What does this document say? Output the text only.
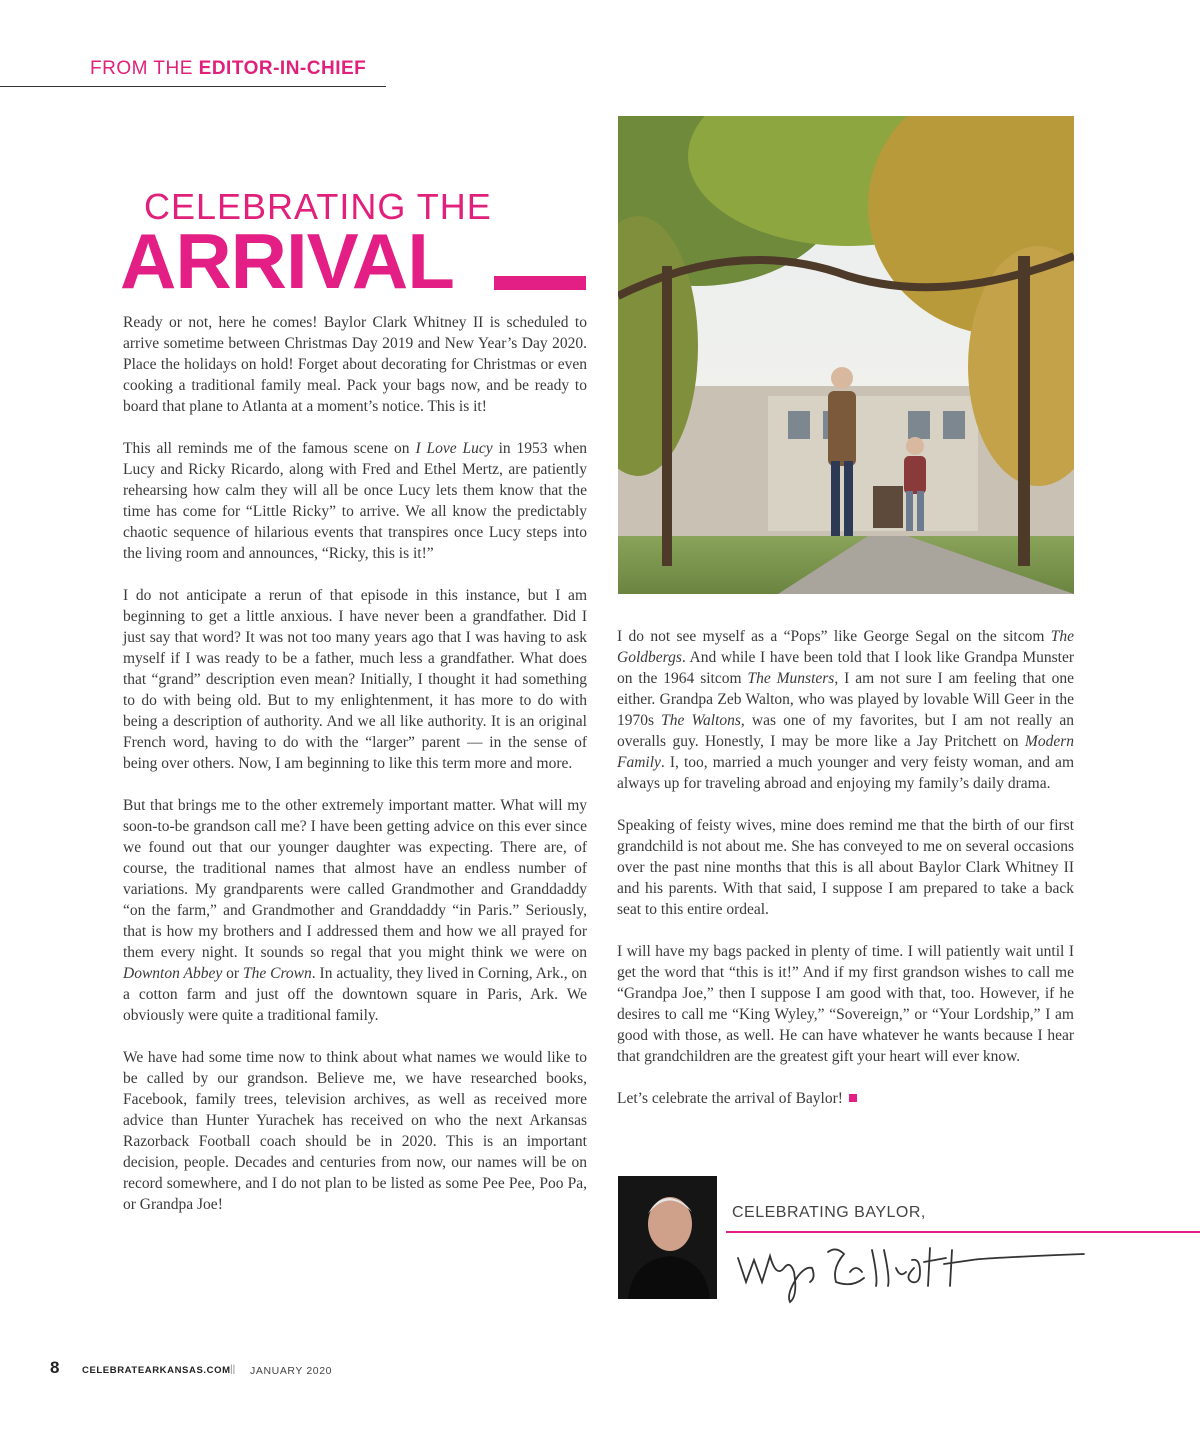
FROM THE EDITOR-IN-CHIEF
CELEBRATING THE
ARRIVAL

Ready or not, here he comes! Baylor Clark Whitney II is scheduled to arrive sometime between Christmas Day 2019 and New Year’s Day 2020. Place the holidays on hold! Forget about decorating for Christmas or even cooking a traditional family meal. Pack your bags now, and be ready to board that plane to Atlanta at a moment’s notice. This is it!

This all reminds me of the famous scene on I Love Lucy in 1953 when Lucy and Ricky Ricardo, along with Fred and Ethel Mertz, are patiently rehearsing how calm they will all be once Lucy lets them know that the time has come for “Little Ricky” to arrive. We all know the predictably chaotic sequence of hilarious events that transpires once Lucy steps into the living room and announces, “Ricky, this is it!”

I do not anticipate a rerun of that episode in this instance, but I am beginning to get a little anxious. I have never been a grandfather. Did I just say that word? It was not too many years ago that I was having to ask myself if I was ready to be a father, much less a grandfather. What does that “grand” description even mean? Initially, I thought it had something to do with being old. But to my enlightenment, it has more to do with being a description of authority. And we all like authority. It is an original French word, having to do with the “larger” parent — in the sense of being over others. Now, I am beginning to like this term more and more.

But that brings me to the other extremely important matter. What will my soon-to-be grandson call me? I have been getting advice on this ever since we found out that our younger daughter was expecting. There are, of course, the traditional names that almost have an endless number of variations. My grandparents were called Grandmother and Granddaddy “on the farm,” and Grandmother and Granddaddy “in Paris.” Seriously, that is how my brothers and I addressed them and how we all prayed for them every night. It sounds so regal that you might think we were on Downton Abbey or The Crown. In actuality, they lived in Corning, Ark., on a cotton farm and just off the downtown square in Paris, Ark. We obviously were quite a traditional family.

We have had some time now to think about what names we would like to be called by our grandson. Believe me, we have researched books, Facebook, family trees, television archives, as well as received more advice than Hunter Yurachek has received on who the next Arkansas Razorback Football coach should be in 2020. This is an important decision, people. Decades and centuries from now, our names will be on record somewhere, and I do not plan to be listed as some Pee Pee, Poo Pa, or Grandpa Joe!

I do not see myself as a “Pops” like George Segal on the sitcom The Goldbergs. And while I have been told that I look like Grandpa Munster on the 1964 sitcom The Munsters, I am not sure I am feeling that one either. Grandpa Zeb Walton, who was played by lovable Will Geer in the 1970s The Waltons, was one of my favorites, but I am not really an overalls guy. Honestly, I may be more like a Jay Pritchett on Modern Family. I, too, married a much younger and very feisty woman, and am always up for traveling abroad and enjoying my family’s daily drama.

Speaking of feisty wives, mine does remind me that the birth of our first grandchild is not about me. She has conveyed to me on several occasions over the past nine months that this is all about Baylor Clark Whitney II and his parents. With that said, I suppose I am prepared to take a back seat to this entire ordeal.

I will have my bags packed in plenty of time. I will patiently wait until I get the word that “this is it!” And if my first grandson wishes to call me “Grandpa Joe,” then I suppose I am good with that, too. However, if he desires to call me “King Wyley,” “Sovereign,” or “Your Lordship,” I am good with those, as well. He can have whatever he wants because I hear that grandchildren are the greatest gift your heart will ever know.

Let’s celebrate the arrival of Baylor!

CELEBRATING BAYLOR,
8 CELEBRATEARKANSAS.COM || JANUARY 2020
